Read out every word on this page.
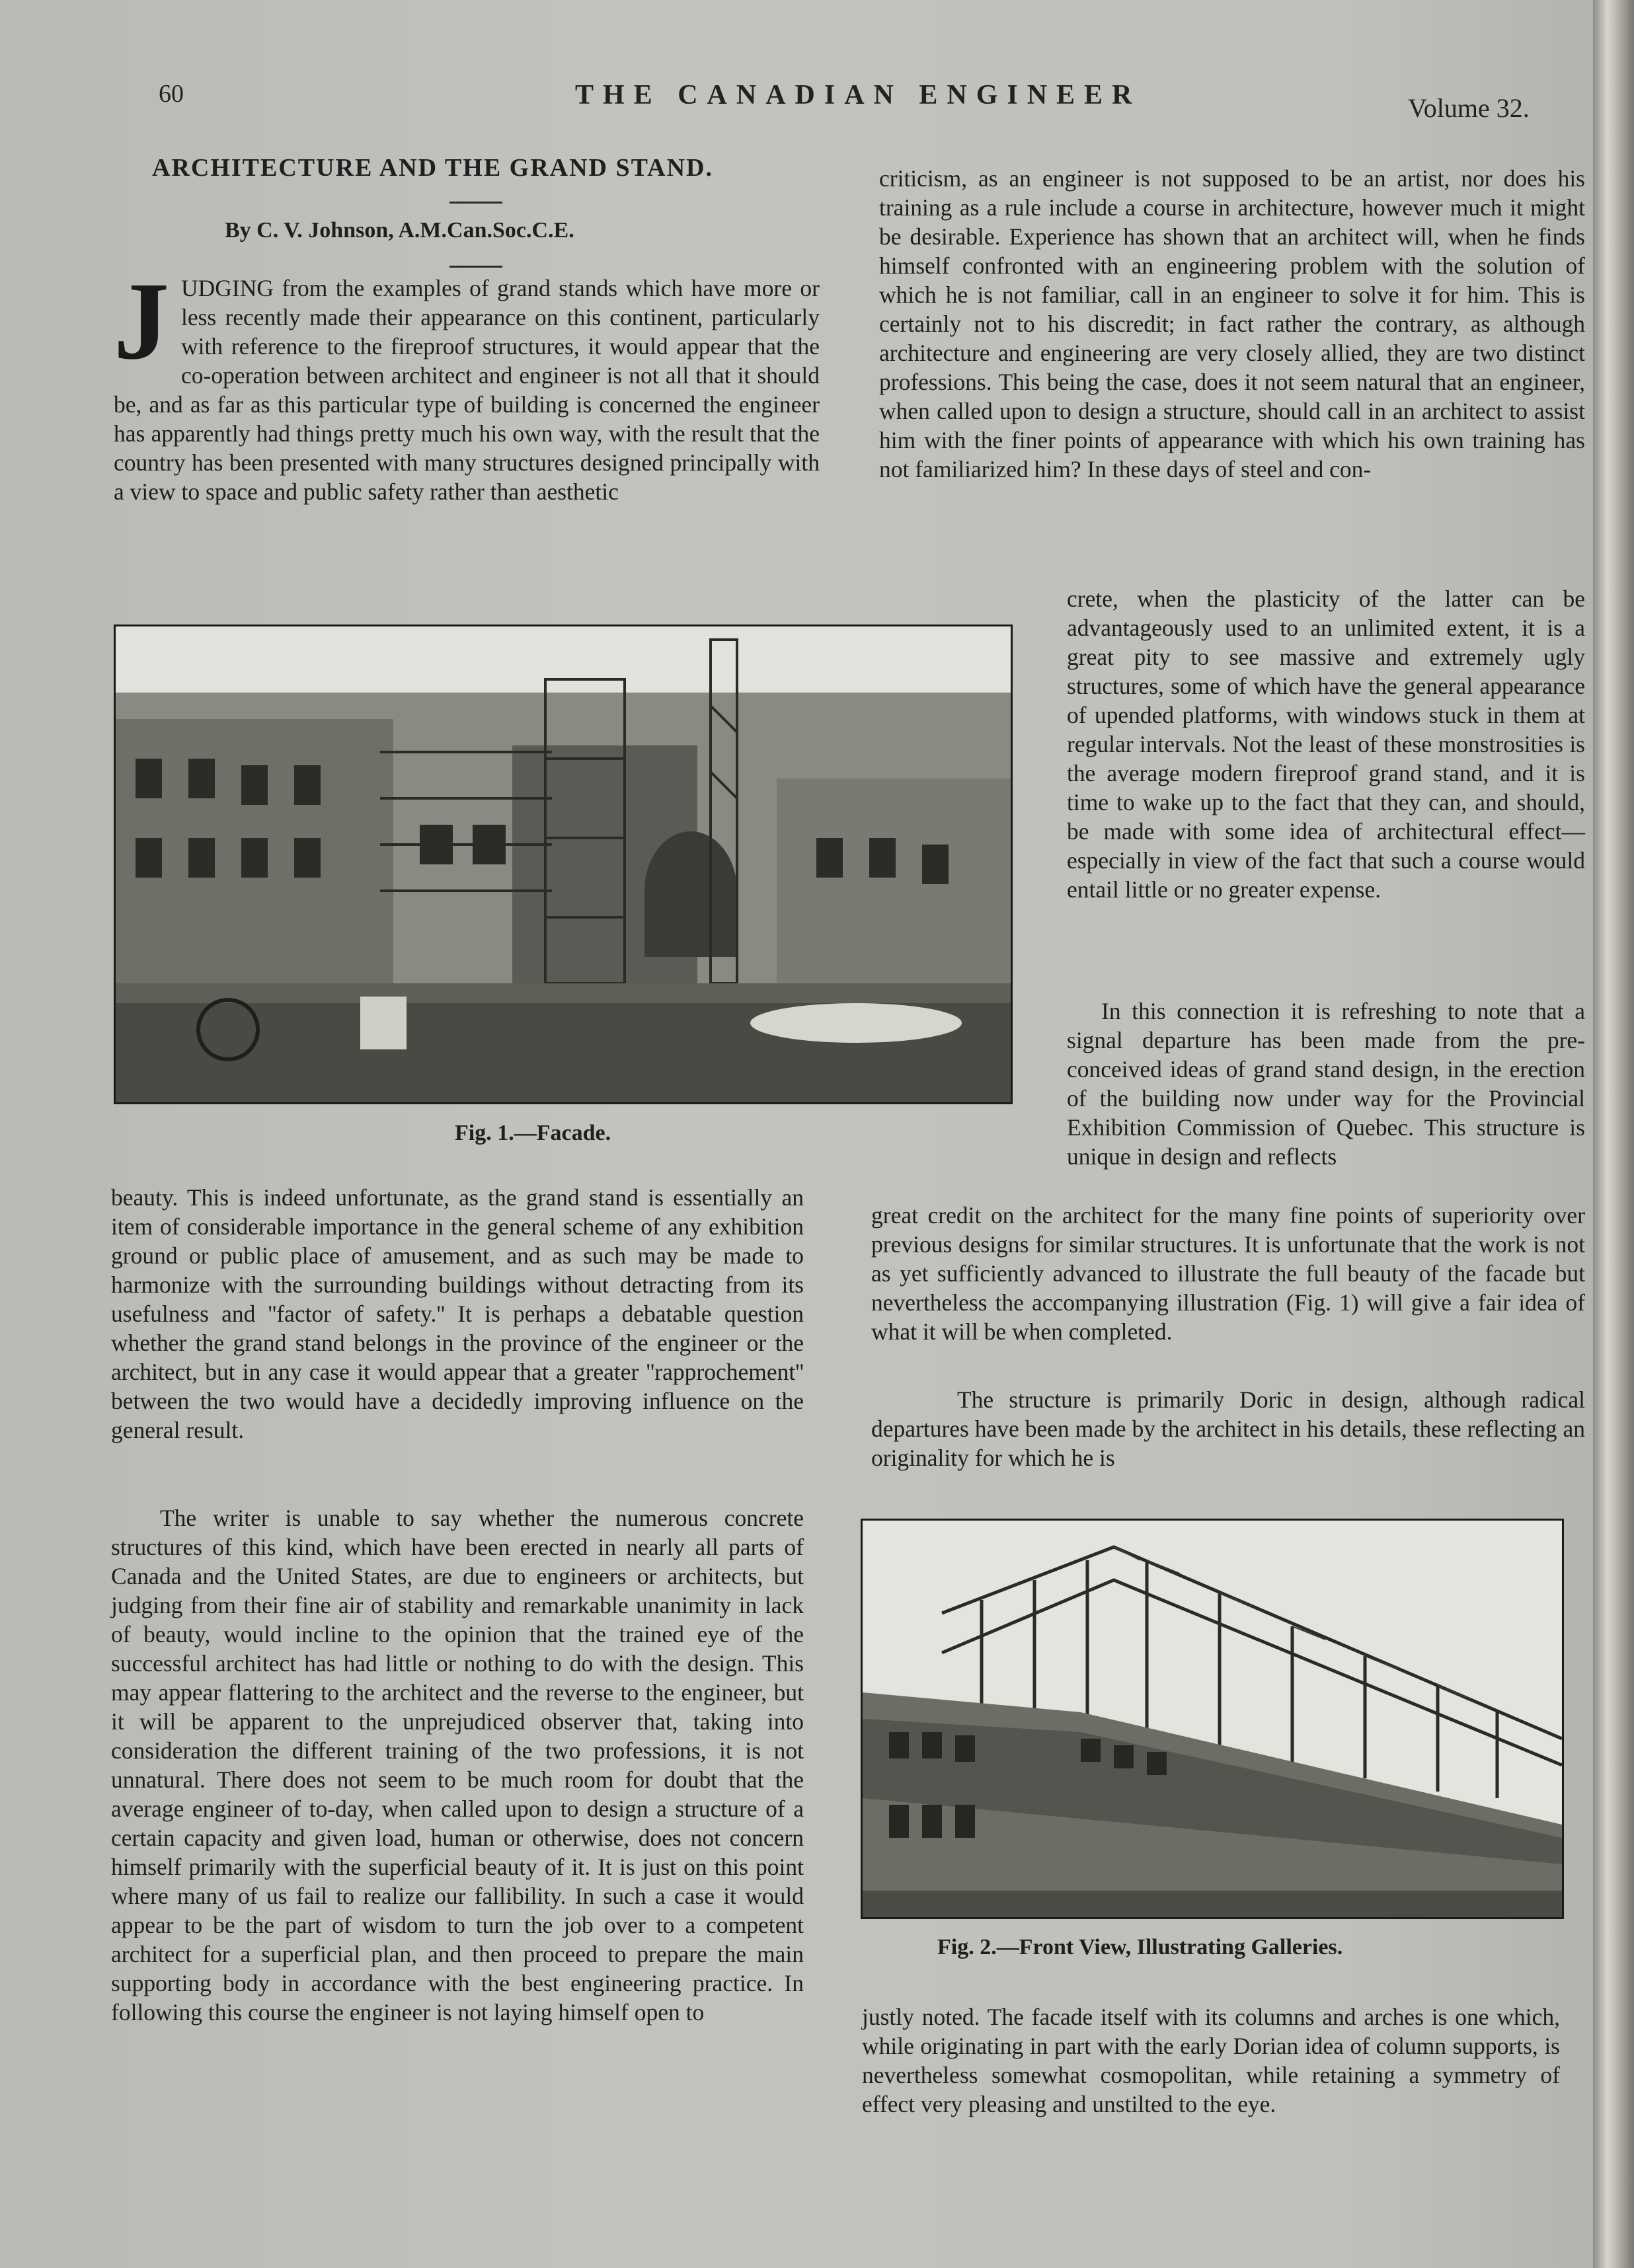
60	THE CANADIAN ENGINEER	Volume 32.
ARCHITECTURE AND THE GRAND STAND.
By C. V. Johnson, A.M.Can.Soc.C.E.
JUDGING from the examples of grand stands which have more or less recently made their appearance on this continent, particularly with reference to the fireproof structures, it would appear that the co-operation between architect and engineer is not all that it should be, and as far as this particular type of building is concerned the engineer has apparently had things pretty much his own way, with the result that the country has been presented with many structures designed principally with a view to space and public safety rather than aesthetic
Fig. 1.—Facade.
beauty. This is indeed unfortunate, as the grand stand is essentially an item of considerable importance in the general scheme of any exhibition ground or public place of amusement, and as such may be made to harmonize with the surrounding buildings without detracting from its usefulness and ''factor of safety.'' It is perhaps a debatable question whether the grand stand belongs in the province of the engineer or the architect, but in any case it would appear that a greater ''rapprochement'' between the two would have a decidedly improving influence on the general result.
The writer is unable to say whether the numerous concrete structures of this kind, which have been erected in nearly all parts of Canada and the United States, are due to engineers or architects, but judging from their fine air of stability and remarkable unanimity in lack of beauty, would incline to the opinion that the trained eye of the successful architect has had little or nothing to do with the design. This may appear flattering to the architect and the reverse to the engineer, but it will be apparent to the unprejudiced observer that, taking into consideration the different training of the two professions, it is not unnatural. There does not seem to be much room for doubt that the average engineer of to-day, when called upon to design a structure of a certain capacity and given load, human or otherwise, does not concern himself primarily with the superficial beauty of it. It is just on this point where many of us fail to realize our fallibility. In such a case it would appear to be the part of wisdom to turn the job over to a competent architect for a superficial plan, and then proceed to prepare the main supporting body in accordance with the best engineering practice. In following this course the engineer is not laying himself open to
criticism, as an engineer is not supposed to be an artist, nor does his training as a rule include a course in architecture, however much it might be desirable. Experience has shown that an architect will, when he finds himself confronted with an engineering problem with the solution of which he is not familiar, call in an engineer to solve it for him. This is certainly not to his discredit; in fact rather the contrary, as although architecture and engineering are very closely allied, they are two distinct professions. This being the case, does it not seem natural that an engineer, when called upon to design a structure, should call in an architect to assist him with the finer points of appearance with which his own training has not familiarized him? In these days of steel and con-
crete, when the plasticity of the latter can be advantageously used to an unlimited extent, it is a great pity to see massive and extremely ugly structures, some of which have the general appearance of upended platforms, with windows stuck in them at regular intervals. Not the least of these monstrosities is the average modern fireproof grand stand, and it is time to wake up to the fact that they can, and should, be made with some idea of architectural effect—especially in view of the fact that such a course would entail little or no greater expense.
In this connection it is refreshing to note that a signal departure has been made from the pre-conceived ideas of grand stand design, in the erection of the building now under way for the Provincial Exhibition Commission of Quebec. This structure is unique in design and reflects
great credit on the architect for the many fine points of superiority over previous designs for similar structures. It is unfortunate that the work is not as yet sufficiently advanced to illustrate the full beauty of the facade but nevertheless the accompanying illustration (Fig. 1) will give a fair idea of what it will be when completed.
The structure is primarily Doric in design, although radical departures have been made by the architect in his details, these reflecting an originality for which he is
Fig. 2.—Front View, Illustrating Galleries.
justly noted. The facade itself with its columns and arches is one which, while originating in part with the early Dorian idea of column supports, is nevertheless somewhat cosmopolitan, while retaining a symmetry of effect very pleasing and unstilted to the eye.
